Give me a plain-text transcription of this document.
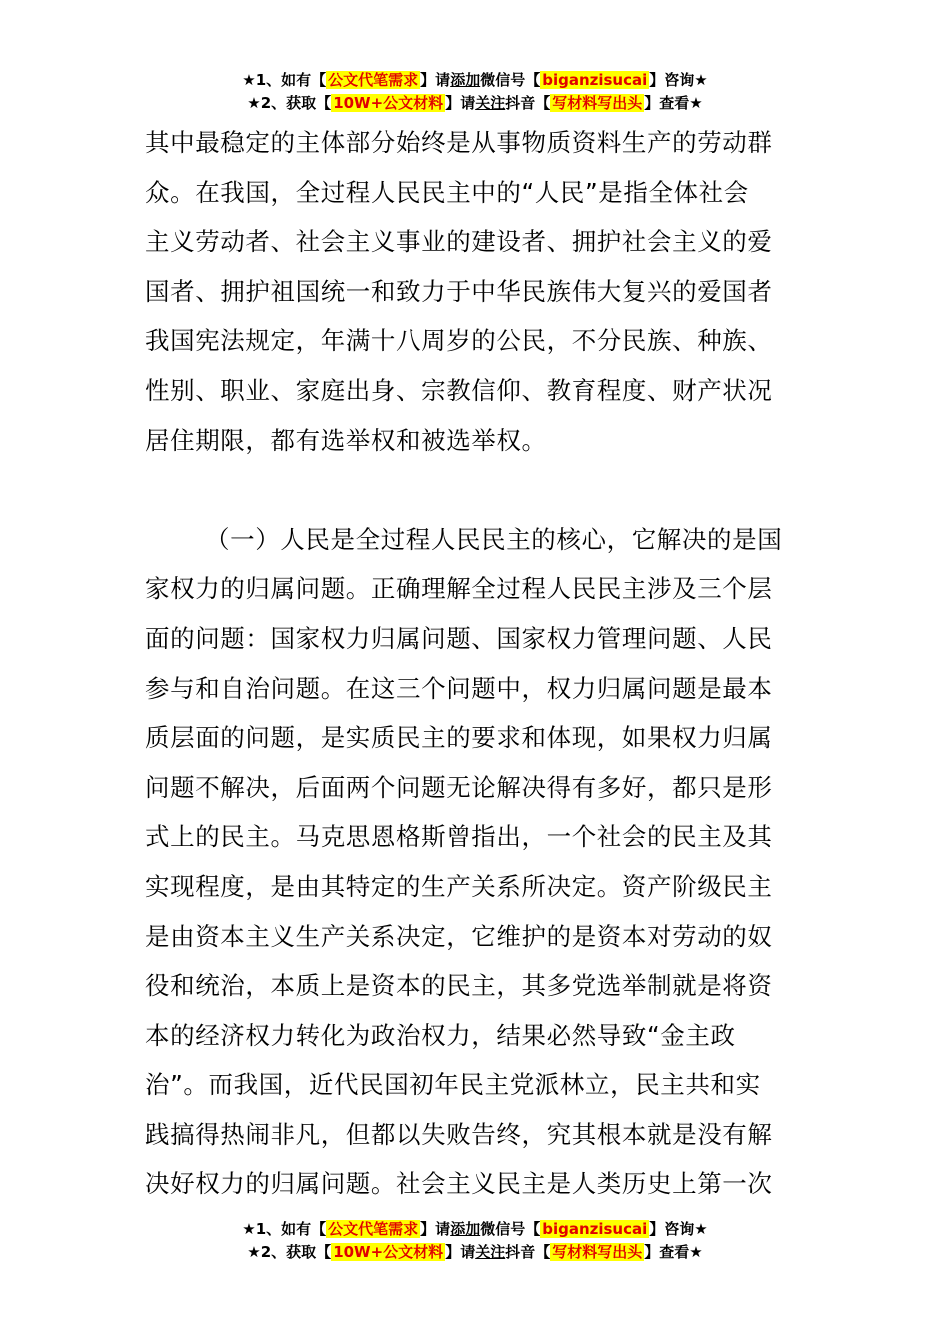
★1、如有【 公文代笔需求 】请添加微信号【 biganzisucai 】咨询★
★2、获取【 10W+公文材料 】请关注抖音【 写材料写出头 】查看★

其中最稳定的主体部分始终是从事物质资料生产的劳动群
众。在我国，全过程人民民主中的“人民”是指全体社会
主义劳动者、社会主义事业的建设者、拥护社会主义的爱
国者、拥护祖国统一和致力于中华民族伟大复兴的爱国者
我国宪法规定，年满十八周岁的公民，不分民族、种族、
性别、职业、家庭出身、宗教信仰、教育程度、财产状况
居住期限，都有选举权和被选举权。

（一）人民是全过程人民民主的核心，它解决的是国
家权力的归属问题。正确理解全过程人民民主涉及三个层
面的问题：国家权力归属问题、国家权力管理问题、人民
参与和自治问题。在这三个问题中，权力归属问题是最本
质层面的问题，是实质民主的要求和体现，如果权力归属
问题不解决，后面两个问题无论解决得有多好，都只是形
式上的民主。马克思恩格斯曾指出，一个社会的民主及其
实现程度，是由其特定的生产关系所决定。资产阶级民主
是由资本主义生产关系决定，它维护的是资本对劳动的奴
役和统治，本质上是资本的民主，其多党选举制就是将资
本的经济权力转化为政治权力，结果必然导致“金主政
治”。而我国，近代民国初年民主党派林立，民主共和实
践搞得热闹非凡，但都以失败告终，究其根本就是没有解
决好权力的归属问题。社会主义民主是人类历史上第一次

★1、如有【 公文代笔需求 】请添加微信号【 biganzisucai 】咨询★
★2、获取【 10W+公文材料 】请关注抖音【 写材料写出头 】查看★
